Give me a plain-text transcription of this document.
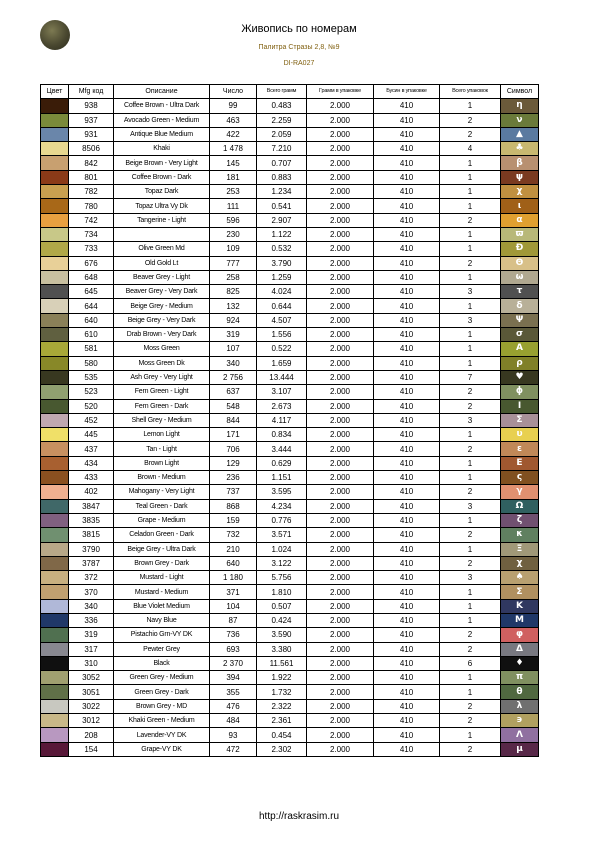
Живопись по номерам
Палитра Стразы 2,8, №9
DI-RA027
Цвет	Mfg код	Описание	Число	Всего грамм	Грамм в упаковке	Бусин в упаковке	Всего упаковок	Символ
	938	Coffee Brown - Ultra Dark	99	0.483	2.000	410	1	η
	937	Avocado Green - Medium	463	2.259	2.000	410	2	ν
	931	Antique Blue Medium	422	2.059	2.000	410	2	▲
	8506	Khaki	1 478	7.210	2.000	410	4	♣
	842	Beige Brown - Very Light	145	0.707	2.000	410	1	β
	801	Coffee Brown - Dark	181	0.883	2.000	410	1	ψ
	782	Topaz Dark	253	1.234	2.000	410	1	χ
	780	Topaz Ultra Vy Dk	111	0.541	2.000	410	1	ι
	742	Tangerine - Light	596	2.907	2.000	410	2	α
	734		230	1.122	2.000	410	1	ϖ
	733	Olive Green Md	109	0.532	2.000	410	1	Ɖ
	676	Old Gold Lt	777	3.790	2.000	410	2	Θ
	648	Beaver Grey - Light	258	1.259	2.000	410	1	ω
	645	Beaver Grey - Very Dark	825	4.024	2.000	410	3	τ
	644	Beige Grey - Medium	132	0.644	2.000	410	1	δ
	640	Beige Grey - Very Dark	924	4.507	2.000	410	3	Ψ
	610	Drab Brown - Very Dark	319	1.556	2.000	410	1	σ
	581	Moss Green	107	0.522	2.000	410	1	Α
	580	Moss Green Dk	340	1.659	2.000	410	1	ρ
	535	Ash Grey - Very Light	2 756	13.444	2.000	410	7	♥
	523	Fern Green - Light	637	3.107	2.000	410	2	ϕ
	520	Fern Green - Dark	548	2.673	2.000	410	2	Ι
	452	Shell Grey - Medium	844	4.117	2.000	410	3	Σ
	445	Lemon Light	171	0.834	2.000	410	1	υ
	437	Tan - Light	706	3.444	2.000	410	2	ε
	434	Brown Light	129	0.629	2.000	410	1	Ε
	433	Brown - Medium	236	1.151	2.000	410	1	ς
	402	Mahogany - Very Light	737	3.595	2.000	410	2	γ
	3847	Teal Green - Dark	868	4.234	2.000	410	3	Ω
	3835	Grape - Medium	159	0.776	2.000	410	1	ζ
	3815	Celadon Green - Dark	732	3.571	2.000	410	2	κ
	3790	Beige Grey - Ultra Dark	210	1.024	2.000	410	1	Ξ
	3787	Brown Grey - Dark	640	3.122	2.000	410	2	χ
	372	Mustard - Light	1 180	5.756	2.000	410	3	♠
	370	Mustard - Medium	371	1.810	2.000	410	1	Σ
	340	Blue Violet Medium	104	0.507	2.000	410	1	Κ
	336	Navy Blue	87	0.424	2.000	410	1	Μ
	319	Pistachio Grn-VY DK	736	3.590	2.000	410	2	φ
	317	Pewter Grey	693	3.380	2.000	410	2	Δ
	310	Black	2 370	11.561	2.000	410	6	♦
	3052	Green Grey - Medium	394	1.922	2.000	410	1	π
	3051	Green Grey - Dark	355	1.732	2.000	410	1	θ
	3022	Brown Grey - MD	476	2.322	2.000	410	2	λ
	3012	Khaki Green - Medium	484	2.361	2.000	410	2	϶
	208	Lavender-VY DK	93	0.454	2.000	410	1	Λ
	154	Grape-VY DK	472	2.302	2.000	410	2	μ
http://raskrasim.ru
